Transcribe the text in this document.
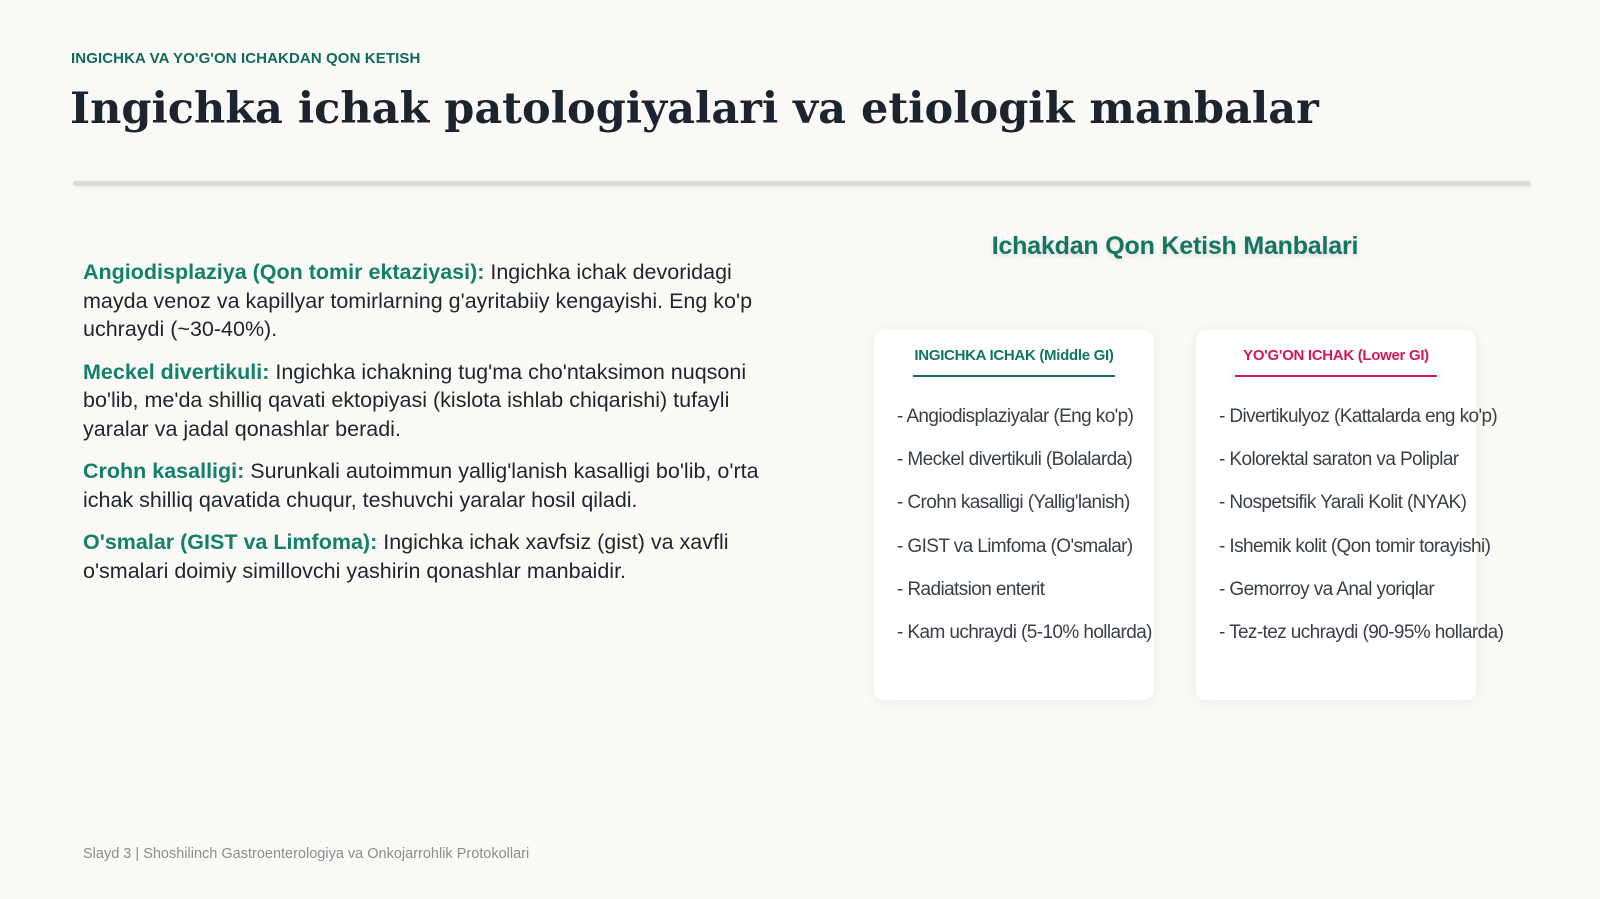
INGICHKA VA YO'G'ON ICHAKDAN QON KETISH
Ingichka ichak patologiyalari va etiologik manbalar

Angiodisplaziya (Qon tomir ektaziyasi): Ingichka ichak devoridagi mayda venoz va kapillyar tomirlarning g'ayritabiiy kengayishi. Eng ko'p uchraydi (~30-40%).

Meckel divertikuli: Ingichka ichakning tug'ma cho'ntaksimon nuqsoni bo'lib, me'da shilliq qavati ektopiyasi (kislota ishlab chiqarishi) tufayli yaralar va jadal qonashlar beradi.

Crohn kasalligi: Surunkali autoimmun yallig'lanish kasalligi bo'lib, o'rta ichak shilliq qavatida chuqur, teshuvchi yaralar hosil qiladi.

O'smalar (GIST va Limfoma): Ingichka ichak xavfsiz (gist) va xavfli o'smalari doimiy simillovchi yashirin qonashlar manbaidir.

Ichakdan Qon Ketish Manbalari
INGICHKA ICHAK (Middle GI)
- Angiodisplaziyalar (Eng ko'p)
- Meckel divertikuli (Bolalarda)
- Crohn kasalligi (Yallig'lanish)
- GIST va Limfoma (O'smalar)
- Radiatsion enterit
- Kam uchraydi (5-10% hollarda)
YO'G'ON ICHAK (Lower GI)
- Divertikulyoz (Kattalarda eng ko'p)
- Kolorektal saraton va Poliplar
- Nospetsifik Yarali Kolit (NYAK)
- Ishemik kolit (Qon tomir torayishi)
- Gemorroy va Anal yoriqlar
- Tez-tez uchraydi (90-95% hollarda)
Slayd 3 | Shoshilinch Gastroenterologiya va Onkojarrohlik Protokollari
